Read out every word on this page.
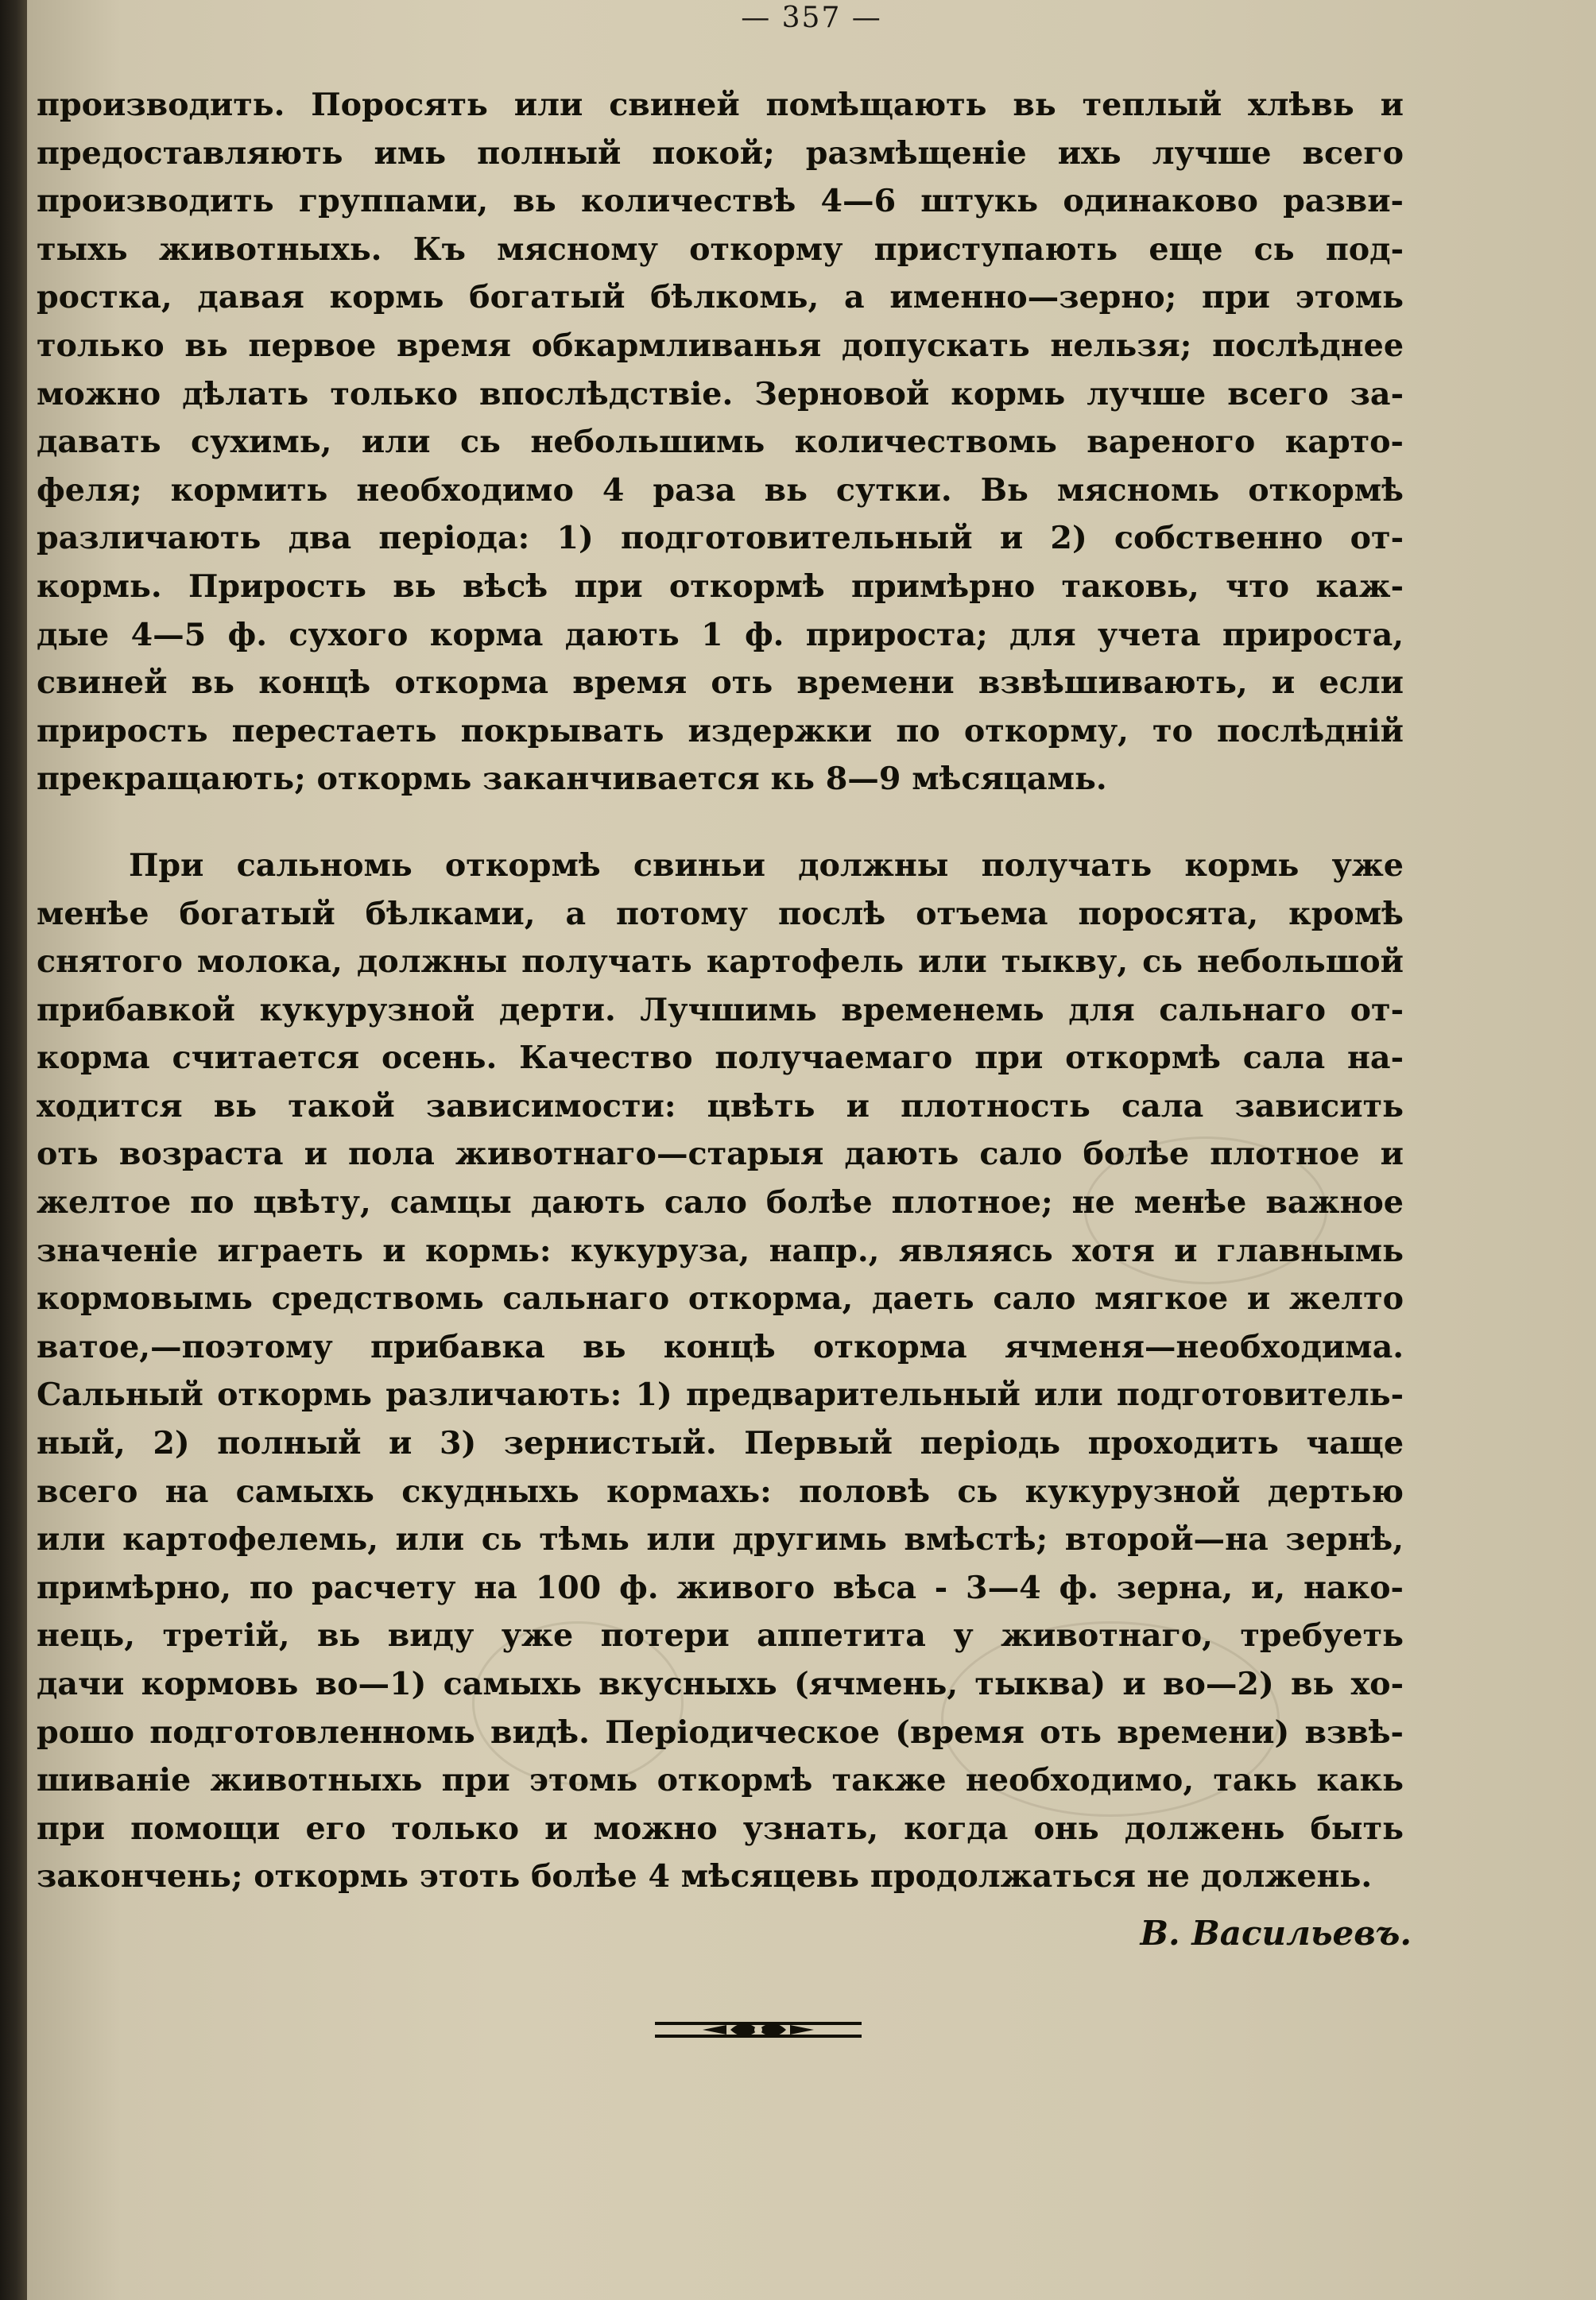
— 357 —
производить. Поросять или свиней помѣщають вь теплый хлѣвь и
предоставляють имь полный покой; размѣщеніе ихь лучше всего
производить группами, вь количествѣ 4—6 штукь одинаково разви-
тыхь животныхь. Къ мясному откорму приступають еще сь под-
ростка, давая кормь богатый бѣлкомь, а именно—зерно; при этомь
только вь первое время обкармливанья допускать нельзя; послѣднее
можно дѣлать только впослѣдствіе. Зерновой кормь лучше всего за-
давать сухимь, или сь небольшимь количествомь вареного карто-
феля; кормить необходимо 4 раза вь сутки. Вь мясномь откормѣ
различають два періода: 1) подготовительный и 2) собственно от-
кормь. Прирость вь вѣсѣ при откормѣ примѣрно таковь, что каж-
дые 4—5 ф. сухого корма дають 1 ф. прироста; для учета прироста,
свиней вь концѣ откорма время оть времени взвѣшивають, и если
прирость перестаеть покрывать издержки по откорму, то послѣдній
прекращають; откормь заканчивается кь 8—9 мѣсяцамь.
При сальномь откормѣ свиньи должны получать кормь уже
менѣе богатый бѣлками, а потому послѣ отъема поросята, кромѣ
снятого молока, должны получать картофель или тыкву, сь небольшой
прибавкой кукурузной дерти. Лучшимь временемь для сальнаго от-
корма считается осень. Качество получаемаго при откормѣ сала на-
ходится вь такой зависимости: цвѣть и плотность сала зависить
оть возраста и пола животнаго—старыя дають сало болѣе плотное и
желтое по цвѣту, самцы дають сало болѣе плотное; не менѣе важное
значеніе играеть и кормь: кукуруза, напр., являясь хотя и главнымь
кормовымь средствомь сальнаго откорма, даеть сало мягкое и желто
ватое,—поэтому прибавка вь концѣ откорма ячменя—необходима.
Сальный откормь различають: 1) предварительный или подготовитель-
ный, 2) полный и 3) зернистый. Первый періодь проходить чаще
всего на самыхь скудныхь кормахь: половѣ сь кукурузной дертью
или картофелемь, или сь тѣмь или другимь вмѣстѣ; второй—на зернѣ,
примѣрно, по расчету на 100 ф. живого вѣса - 3—4 ф. зерна, и, нако-
нець, третій, вь виду уже потери аппетита у животнаго, требуеть
дачи кормовь во—1) самыхь вкусныхь (ячмень, тыква) и во—2) вь хо-
рошо подготовленномь видѣ. Періодическое (время оть времени) взвѣ-
шиваніе животныхь при этомь откормѣ также необходимо, такь какь
при помощи его только и можно узнать, когда онь должень быть
закончень; откормь этоть болѣе 4 мѣсяцевь продолжаться не должень.
В. Васильевъ.
